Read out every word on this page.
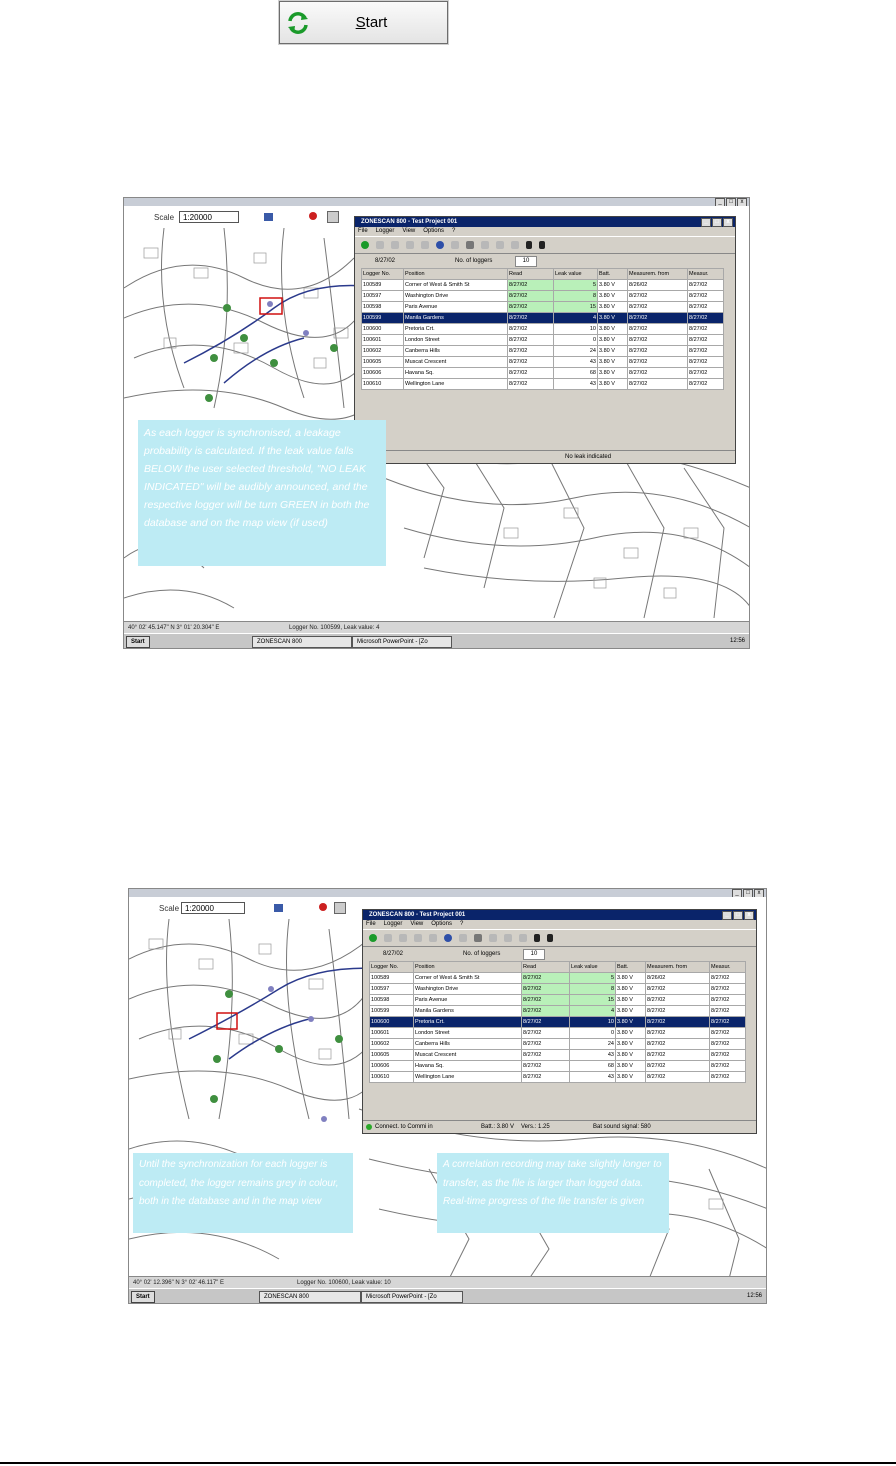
Start
_	□	x
Scale	1:20000	ZONESCAN 800 - Test Project 001	_	□	x
File Logger View Options ?
8/27/02	No. of loggers	10
Logger No.	Position	Read	Leak value	Batt.	Measurem. from	Measur.
100589	Corner of West & Smith St	8/27/02	5	3.80 V	8/26/02	8/27/02
100597	Washington Drive	8/27/02	8	3.80 V	8/27/02	8/27/02
100598	Paris Avenue	8/27/02	15	3.80 V	8/27/02	8/27/02
100599	Manila Gardens	8/27/02	4	3.80 V	8/27/02	8/27/02
100600	Pretoria Crt.	8/27/02	10	3.80 V	8/27/02	8/27/02
100601	London Street	8/27/02	0	3.80 V	8/27/02	8/27/02
100602	Canberra Hills	8/27/02	24	3.80 V	8/27/02	8/27/02
100605	Muscat Crescent	8/27/02	43	3.80 V	8/27/02	8/27/02
100606	Havana Sq.	8/27/02	68	3.80 V	8/27/02	8/27/02
100610	Wellington Lane	8/27/02	43	3.80 V	8/27/02	8/27/02
No leak indicated
As each logger is synchronised, a leakage probability is calculated. If the leak value falls BELOW the user selected threshold, "NO LEAK INDICATED" will be audibly announced, and the respective logger will be turn GREEN in both the database and on the map view (if used)
40° 02' 45.147" N 3° 01' 20.304" E	Logger No. 100599, Leak value: 4
Start	ZONESCAN 800	Microsoft PowerPoint - [Zo	12:56
_	□	x
Scale 1:20000
ZONESCAN 800 - Test Project 001	_	□	x
File Logger View Options ?
8/27/02	No. of loggers	10
Logger No.	Position	Read	Leak value	Batt.	Measurem. from	Measur.
100589	Corner of West & Smith St	8/27/02	5	3.80 V	8/26/02	8/27/02
100597	Washington Drive	8/27/02	8	3.80 V	8/27/02	8/27/02
100598	Paris Avenue	8/27/02	15	3.80 V	8/27/02	8/27/02
100599	Manila Gardens	8/27/02	4	3.80 V	8/27/02	8/27/02
100600	Pretoria Crt.	8/27/02	10	3.80 V	8/27/02	8/27/02
100601	London Street	8/27/02	0	3.80 V	8/27/02	8/27/02
100602	Canberra Hills	8/27/02	24	3.80 V	8/27/02	8/27/02
100605	Muscat Crescent	8/27/02	43	3.80 V	8/27/02	8/27/02
100606	Havana Sq.	8/27/02	68	3.80 V	8/27/02	8/27/02
100610	Wellington Lane	8/27/02	43	3.80 V	8/27/02	8/27/02
Connect. to Commi in	Batt.: 3.80 V Vers.: 1.25	Bat sound signal: 580
Until the synchronization for each logger is completed, the logger remains grey in colour, both in the database and in the map view
A correlation recording may take slightly longer to transfer, as the file is larger than logged data. Real-time progress of the file transfer is given
40° 02' 12.396" N 3° 02' 46.117" E	Logger No. 100600, Leak value: 10
Start	ZONESCAN 800	Microsoft PowerPoint - [Zo	12:56
